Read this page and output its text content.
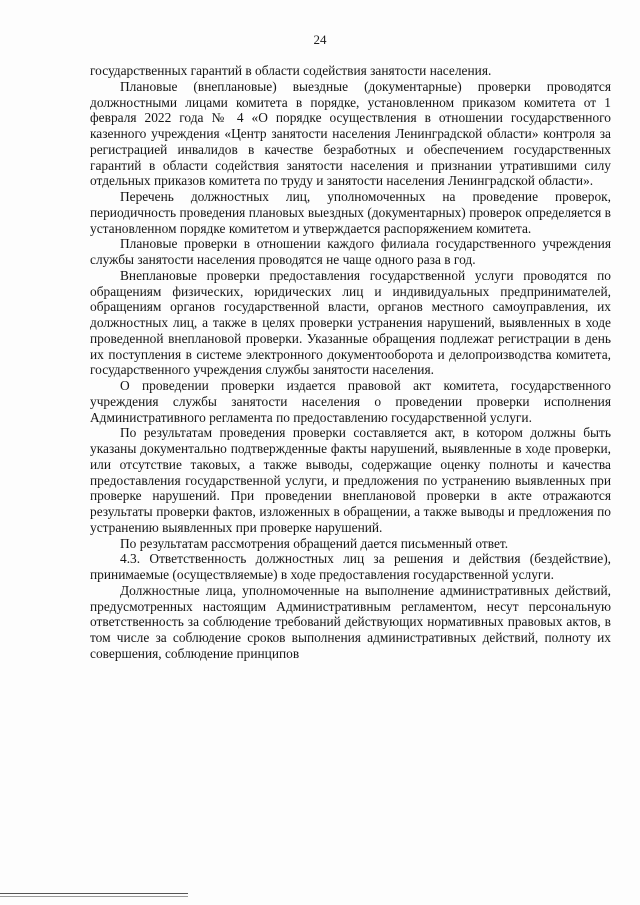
24

государственных гарантий в области содействия занятости населения.

Плановые (внеплановые) выездные (документарные) проверки проводятся должностными лицами комитета в порядке, установленном приказом комитета от 1 февраля 2022 года № 4 «О порядке осуществления в отношении государственного казенного учреждения «Центр занятости населения Ленинградской области» контроля за регистрацией инвалидов в качестве безработных и обеспечением государственных гарантий в области содействия занятости населения и признании утратившими силу отдельных приказов комитета по труду и занятости населения Ленинградской области».

Перечень должностных лиц, уполномоченных на проведение проверок, периодичность проведения плановых выездных (документарных) проверок определяется в установленном порядке комитетом и утверждается распоряжением комитета.

Плановые проверки в отношении каждого филиала государственного учреждения службы занятости населения проводятся не чаще одного раза в год.

Внеплановые проверки предоставления государственной услуги проводятся по обращениям физических, юридических лиц и индивидуальных предпринимателей, обращениям органов государственной власти, органов местного самоуправления, их должностных лиц, а также в целях проверки устранения нарушений, выявленных в ходе проведенной внеплановой проверки. Указанные обращения подлежат регистрации в день их поступления в системе электронного документооборота и делопроизводства комитета, государственного учреждения службы занятости населения.

О проведении проверки издается правовой акт комитета, государственного учреждения службы занятости населения о проведении проверки исполнения Административного регламента по предоставлению государственной услуги.

По результатам проведения проверки составляется акт, в котором должны быть указаны документально подтвержденные факты нарушений, выявленные в ходе проверки, или отсутствие таковых, а также выводы, содержащие оценку полноты и качества предоставления государственной услуги, и предложения по устранению выявленных при проверке нарушений. При проведении внеплановой проверки в акте отражаются результаты проверки фактов, изложенных в обращении, а также выводы и предложения по устранению выявленных при проверке нарушений.

По результатам рассмотрения обращений дается письменный ответ.

4.3. Ответственность должностных лиц за решения и действия (бездействие), принимаемые (осуществляемые) в ходе предоставления государственной услуги.

Должностные лица, уполномоченные на выполнение административных действий, предусмотренных настоящим Административным регламентом, несут персональную ответственность за соблюдение требований действующих нормативных правовых актов, в том числе за соблюдение сроков выполнения административных действий, полноту их совершения, соблюдение принципов
